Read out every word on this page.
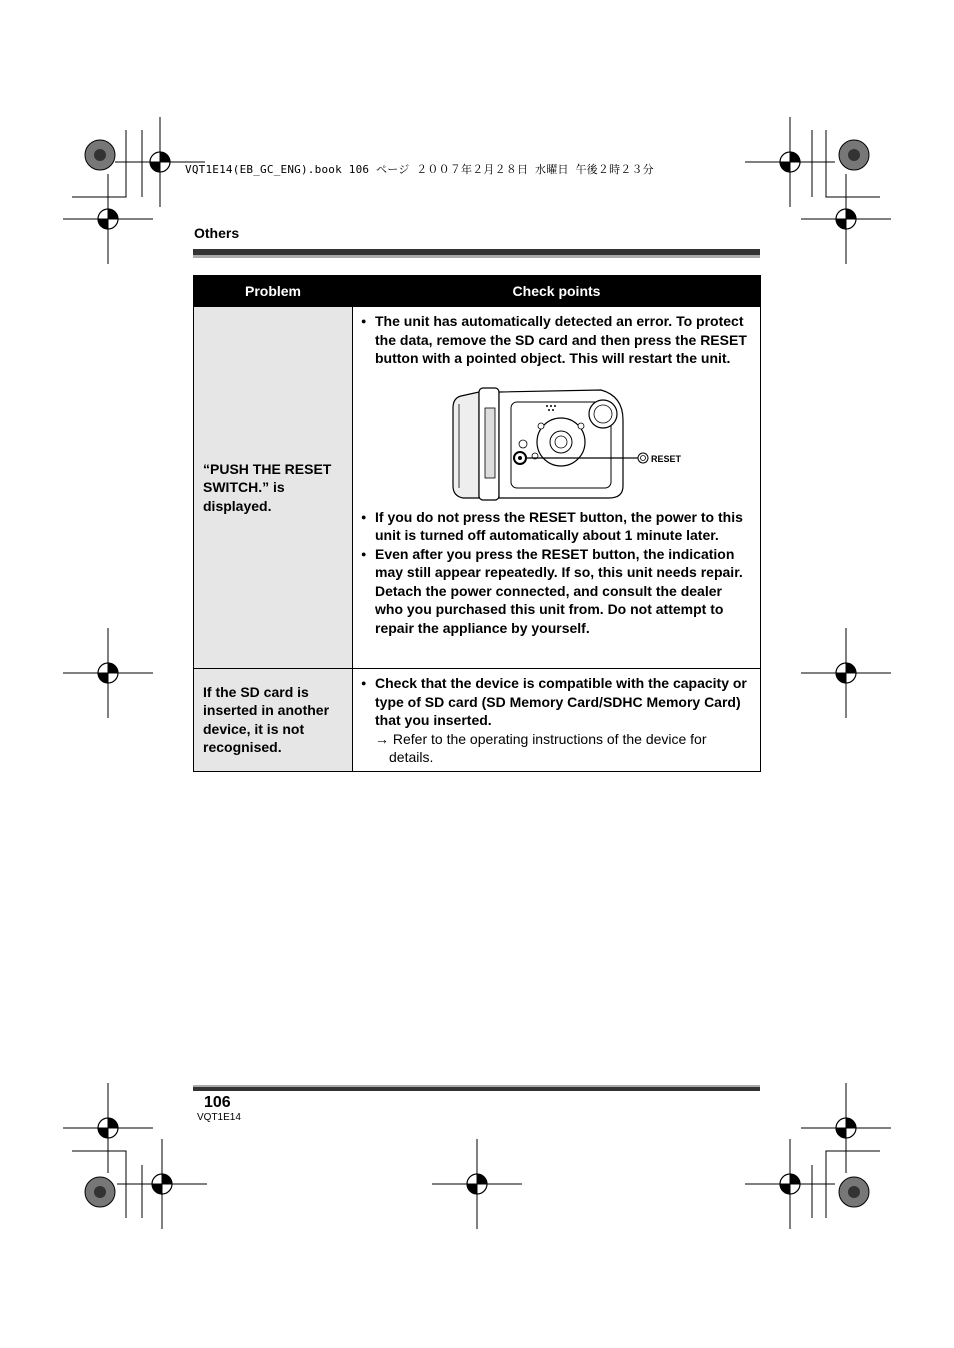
VQT1E14(EB_GC_ENG).book 106 ページ ２００７年２月２８日 水曜日 午後２時２３分
Others
Problem	Check points
“PUSH THE RESET SWITCH.” is displayed.	● The unit has automatically detected an error. To protect the data, remove the SD card and then press the RESET button with a pointed object. This will restart the unit.

RESET

● If you do not press the RESET button, the power to this unit is turned off automatically about 1 minute later.

● Even after you press the RESET button, the indication may still appear repeatedly. If so, this unit needs repair. Detach the power connected, and consult the dealer who you purchased this unit from. Do not attempt to repair the appliance by yourself.

If the SD card is inserted in another device, it is not recognised.	● Check that the device is compatible with the capacity or type of SD card (SD Memory Card/SDHC Memory Card) that you inserted.

→ Refer to the operating instructions of the device for details.

106
VQT1E14
